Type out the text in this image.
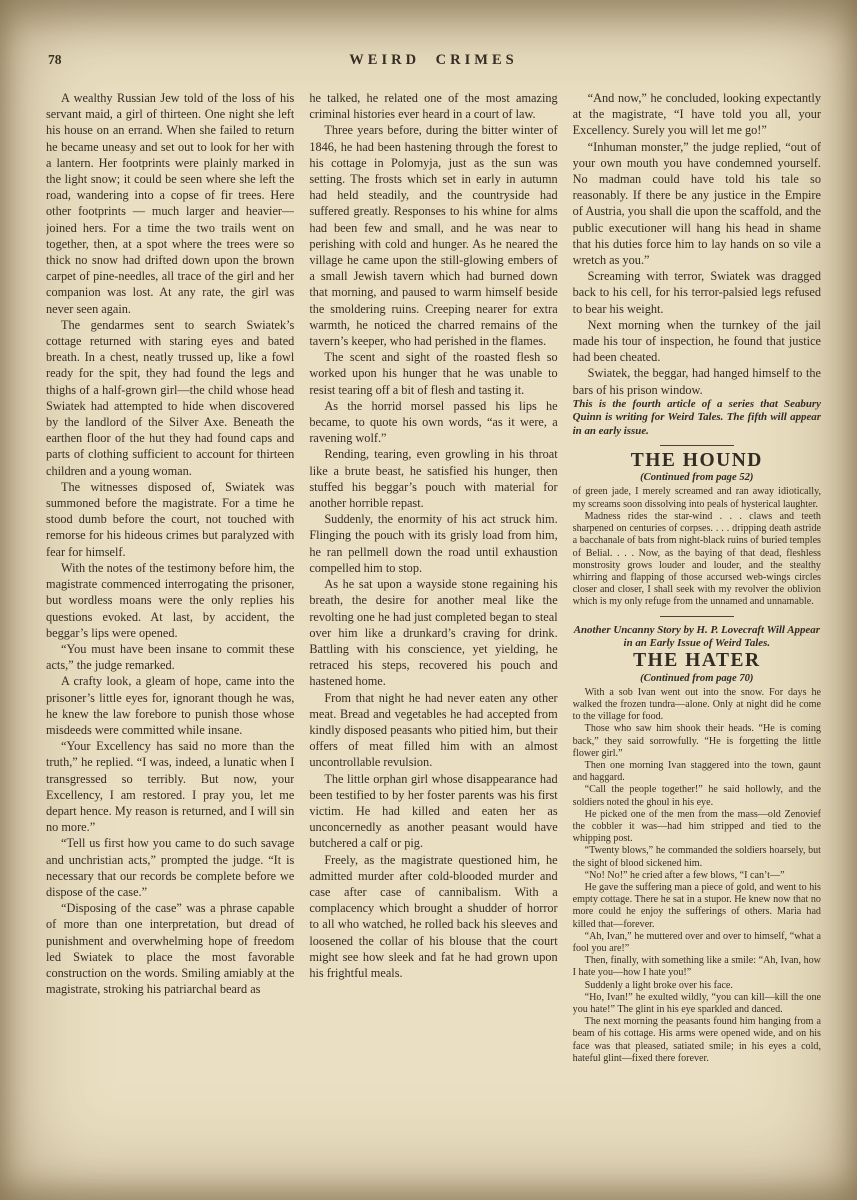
78	WEIRD CRIMES

A wealthy Russian Jew told of the loss of his servant maid, a girl of thirteen. One night she left his house on an errand. When she failed to return he became uneasy and set out to look for her with a lantern. Her footprints were plainly marked in the light snow; it could be seen where she left the road, wandering into a copse of fir trees. Here other footprints — much larger and heavier—joined hers. For a time the two trails went on together, then, at a spot where the trees were so thick no snow had drifted down upon the brown carpet of pine-needles, all trace of the girl and her companion was lost. At any rate, the girl was never seen again.

The gendarmes sent to search Swiatek’s cottage returned with staring eyes and bated breath. In a chest, neatly trussed up, like a fowl ready for the spit, they had found the legs and thighs of a half-grown girl—the child whose head Swiatek had attempted to hide when discovered by the landlord of the Silver Axe. Beneath the earthen floor of the hut they had found caps and parts of clothing sufficient to account for thirteen children and a young woman.

The witnesses disposed of, Swiatek was summoned before the magistrate. For a time he stood dumb before the court, not touched with remorse for his hideous crimes but paralyzed with fear for himself.

With the notes of the testimony before him, the magistrate commenced interrogating the prisoner, but wordless moans were the only replies his questions evoked. At last, by accident, the beggar’s lips were opened.

“You must have been insane to commit these acts,” the judge remarked.

A crafty look, a gleam of hope, came into the prisoner’s little eyes for, ignorant though he was, he knew the law forebore to punish those whose misdeeds were committed while insane.

“Your Excellency has said no more than the truth,” he replied. “I was, indeed, a lunatic when I transgressed so terribly. But now, your Excellency, I am restored. I pray you, let me depart hence. My reason is returned, and I will sin no more.”

“Tell us first how you came to do such savage and unchristian acts,” prompted the judge. “It is necessary that our records be complete before we dispose of the case.”

“Disposing of the case” was a phrase capable of more than one interpretation, but dread of punishment and overwhelming hope of freedom led Swiatek to place the most favorable construction on the words. Smiling amiably at the magistrate, stroking his patriarchal beard as

he talked, he related one of the most amazing criminal histories ever heard in a court of law.

Three years before, during the bitter winter of 1846, he had been hastening through the forest to his cottage in Polomyja, just as the sun was setting. The frosts which set in early in autumn had held steadily, and the countryside had suffered greatly. Responses to his whine for alms had been few and small, and he was near to perishing with cold and hunger. As he neared the village he came upon the still-glowing embers of a small Jewish tavern which had burned down that morning, and paused to warm himself beside the smoldering ruins. Creeping nearer for extra warmth, he noticed the charred remains of the tavern’s keeper, who had perished in the flames.

The scent and sight of the roasted flesh so worked upon his hunger that he was unable to resist tearing off a bit of flesh and tasting it.

As the horrid morsel passed his lips he became, to quote his own words, “as it were, a ravening wolf.”

Rending, tearing, even growling in his throat like a brute beast, he satisfied his hunger, then stuffed his beggar’s pouch with material for another horrible repast.

Suddenly, the enormity of his act struck him. Flinging the pouch with its grisly load from him, he ran pellmell down the road until exhaustion compelled him to stop.

As he sat upon a wayside stone regaining his breath, the desire for another meal like the revolting one he had just completed began to steal over him like a drunkard’s craving for drink. Battling with his conscience, yet yielding, he retraced his steps, recovered his pouch and hastened home.

From that night he had never eaten any other meat. Bread and vegetables he had accepted from kindly disposed peasants who pitied him, but their offers of meat filled him with an almost uncontrollable revulsion.

The little orphan girl whose disappearance had been testified to by her foster parents was his first victim. He had killed and eaten her as unconcernedly as another peasant would have butchered a calf or pig.

Freely, as the magistrate questioned him, he admitted murder after cold-blooded murder and case after case of cannibalism. With a complacency which brought a shudder of horror to all who watched, he rolled back his sleeves and loosened the collar of his blouse that the court might see how sleek and fat he had grown upon his frightful meals.

“And now,” he concluded, looking expectantly at the magistrate, “I have told you all, your Excellency. Surely you will let me go!”

“Inhuman monster,” the judge replied, “out of your own mouth you have condemned yourself. No madman could have told his tale so reasonably. If there be any justice in the Empire of Austria, you shall die upon the scaffold, and the public executioner will hang his head in shame that his duties force him to lay hands on so vile a wretch as you.”

Screaming with terror, Swiatek was dragged back to his cell, for his terror-palsied legs refused to bear his weight.

Next morning when the turnkey of the jail made his tour of inspection, he found that justice had been cheated.

Swiatek, the beggar, had hanged himself to the bars of his prison window.

This is the fourth article of a series that Seabury Quinn is writing for Weird Tales. The fifth will appear in an early issue.

THE HOUND

(Continued from page 52)

of green jade, I merely screamed and ran away idiotically, my screams soon dissolving into peals of hysterical laughter.

Madness rides the star-wind . . . claws and teeth sharpened on centuries of corpses. . . . dripping death astride a bacchanale of bats from night-black ruins of buried temples of Belial. . . . Now, as the baying of that dead, fleshless monstrosity grows louder and louder, and the stealthy whirring and flapping of those accursed web-wings circles closer and closer, I shall seek with my revolver the oblivion which is my only refuge from the unnamed and unnamable.

Another Uncanny Story by H. P. Lovecraft Will Appear in an Early Issue of Weird Tales.

THE HATER

(Continued from page 70)

With a sob Ivan went out into the snow. For days he walked the frozen tundra—alone. Only at night did he come to the village for food.

Those who saw him shook their heads. “He is coming back,” they said sorrowfully. “He is forgetting the little flower girl.”

Then one morning Ivan staggered into the town, gaunt and haggard.

“Call the people together!” he said hollowly, and the soldiers noted the ghoul in his eye.

He picked one of the men from the mass—old Zenovief the cobbler it was—had him stripped and tied to the whipping post.

“Twenty blows,” he commanded the soldiers hoarsely, but the sight of blood sickened him.

“No! No!” he cried after a few blows, “I can’t—”

He gave the suffering man a piece of gold, and went to his empty cottage. There he sat in a stupor. He knew now that no more could he enjoy the sufferings of others. Maria had killed that—forever.

“Ah, Ivan,” he muttered over and over to himself, “what a fool you are!”

Then, finally, with something like a smile: “Ah, Ivan, how I hate you—how I hate you!”

Suddenly a light broke over his face.

“Ho, Ivan!” he exulted wildly, “you can kill—kill the one you hate!” The glint in his eye sparkled and danced.

The next morning the peasants found him hanging from a beam of his cottage. His arms were opened wide, and on his face was that pleased, satiated smile; in his eyes a cold, hateful glint—fixed there forever.
